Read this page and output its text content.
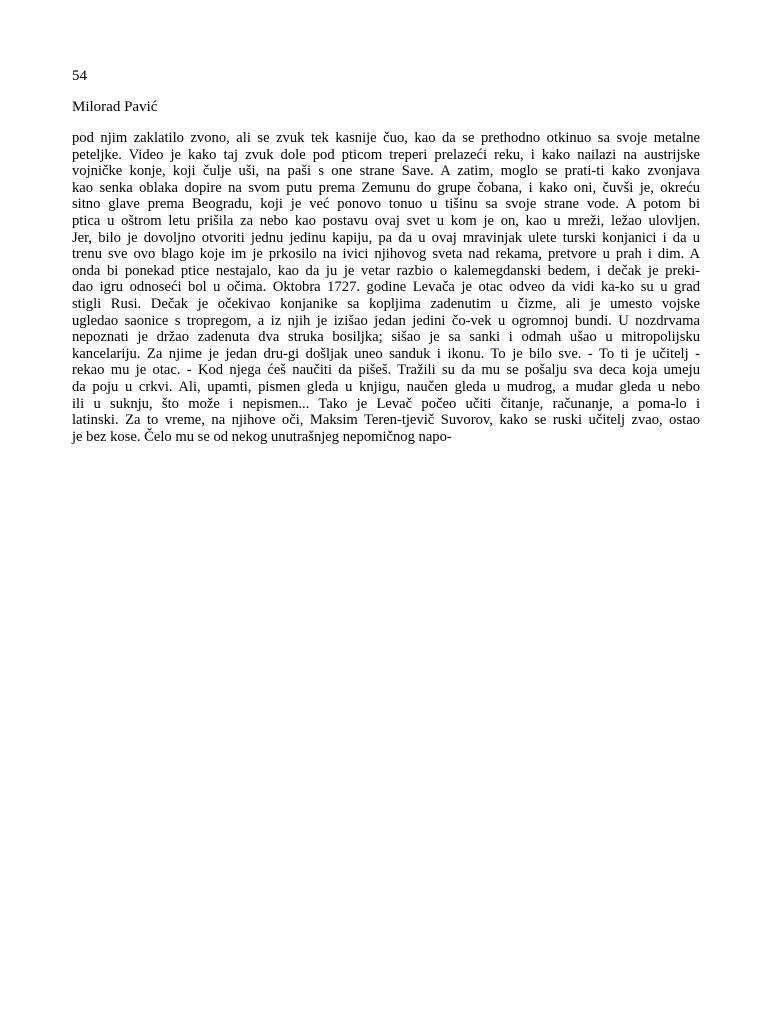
54
Milorad Pavić
pod njim zaklatilo zvono, ali se zvuk tek kasnije čuo, kao da se prethodno otkinuo sa svoje metalne
peteljke. Video je kako taj zvuk dole pod pticom treperi prelazeći reku, i kako nailazi na austrijske
vojničke konje, koji čulje uši, na paši s one strane Save. A zatim, moglo se prati-ti kako zvonjava
kao senka oblaka dopire na svom putu prema Zemunu do grupe čobana, i kako oni, čuvši je, okreću
sitno glave prema Beogradu, koji je već ponovo tonuo u tišinu sa svoje strane vode. A potom bi
ptica u oštrom letu prišila za nebo kao postavu ovaj svet u kom je on, kao u mreži, ležao ulovljen.
Jer, bilo je dovoljno otvoriti jednu jedinu kapiju, pa da u ovaj mravinjak ulete turski konjanici i da u
trenu sve ovo blago koje im je prkosilo na ivici njihovog sveta nad rekama, pretvore u prah i dim. A
onda bi ponekad ptice nestajalo, kao da ju je vetar razbio o kalemegdanski bedem, i dečak je preki-
dao igru odnoseći bol u očima. Oktobra 1727. godine Levača je otac odveo da vidi ka-ko su u grad
stigli Rusi. Dečak je očekivao konjanike sa kopljima zadenutim u čizme, ali je umesto vojske
ugledao saonice s tropregom, a iz njih je izišao jedan jedini čo-vek u ogromnoj bundi. U nozdrvama
nepoznati je držao zadenuta dva struka bosiljka; sišao je sa sanki i odmah ušao u mitropolijsku
kancelariju. Za njime je jedan dru-gi došljak uneo sanduk i ikonu. To je bilo sve. - To ti je učitelj -
rekao mu je otac. - Kod njega ćeš naučiti da pišeš. Tražili su da mu se pošalju sva deca koja umeju
da poju u crkvi. Ali, upamti, pismen gleda u knjigu, naučen gleda u mudrog, a mudar gleda u nebo
ili u suknju, što može i nepismen... Tako je Levač počeo učiti čitanje, računanje, a poma-lo i
latinski. Za to vreme, na njihove oči, Maksim Teren-tjevič Suvorov, kako se ruski učitelj zvao, ostao
je bez kose. Čelo mu se od nekog unutrašnjeg nepomičnog napo-
